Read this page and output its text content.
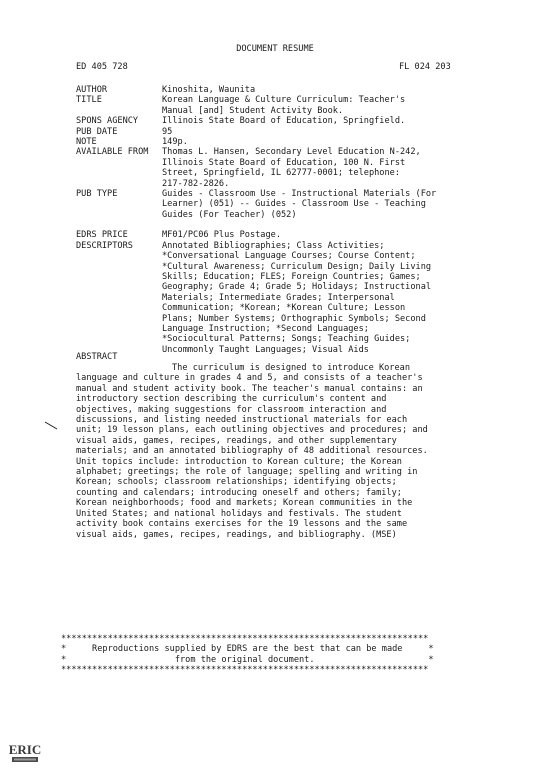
DOCUMENT RESUME
ED 405 728	FL 024 203
AUTHOR	Kinoshita, Waunita
TITLE	Korean Language & Culture Curriculum: Teacher's
Manual [and] Student Activity Book.
SPONS AGENCY	Illinois State Board of Education, Springfield.
PUB DATE	95
NOTE	149p.
AVAILABLE FROM	Thomas L. Hansen, Secondary Level Education N-242,
Illinois State Board of Education, 100 N. First
Street, Springfield, IL 62777-0001; telephone:
217-782-2826.
PUB TYPE	Guides - Classroom Use - Instructional Materials (For
Learner) (051) -- Guides - Classroom Use - Teaching
Guides (For Teacher) (052)
EDRS PRICE	MF01/PC06 Plus Postage.
DESCRIPTORS	Annotated Bibliographies; Class Activities;
*Conversational Language Courses; Course Content;
*Cultural Awareness; Curriculum Design; Daily Living
Skills; Education; FLES; Foreign Countries; Games;
Geography; Grade 4; Grade 5; Holidays; Instructional
Materials; Intermediate Grades; Interpersonal
Communication; *Korean; *Korean Culture; Lesson
Plans; Number Systems; Orthographic Symbols; Second
Language Instruction; *Second Languages;
*Sociocultural Patterns; Songs; Teaching Guides;
Uncommonly Taught Languages; Visual Aids
ABSTRACT
The curriculum is designed to introduce Korean
language and culture in grades 4 and 5, and consists of a teacher's
manual and student activity book. The teacher's manual contains: an
introductory section describing the curriculum's content and
objectives, making suggestions for classroom interaction and
discussions, and listing needed instructional materials for each
unit; 19 lesson plans, each outlining objectives and procedures; and
visual aids, games, recipes, readings, and other supplementary
materials; and an annotated bibliography of 48 additional resources.
Unit topics include: introduction to Korean culture; the Korean
alphabet; greetings; the role of language; spelling and writing in
Korean; schools; classroom relationships; identifying objects;
counting and calendars; introducing oneself and others; family;
Korean neighborhoods; food and markets; Korean communities in the
United States; and national holidays and festivals. The student
activity book contains exercises for the 19 lessons and the same
visual aids, games, recipes, readings, and bibliography. (MSE)
***********************************************************************
*     Reproductions supplied by EDRS are the best that can be made     *
*                     from the original document.                      *
***********************************************************************
ERIC
